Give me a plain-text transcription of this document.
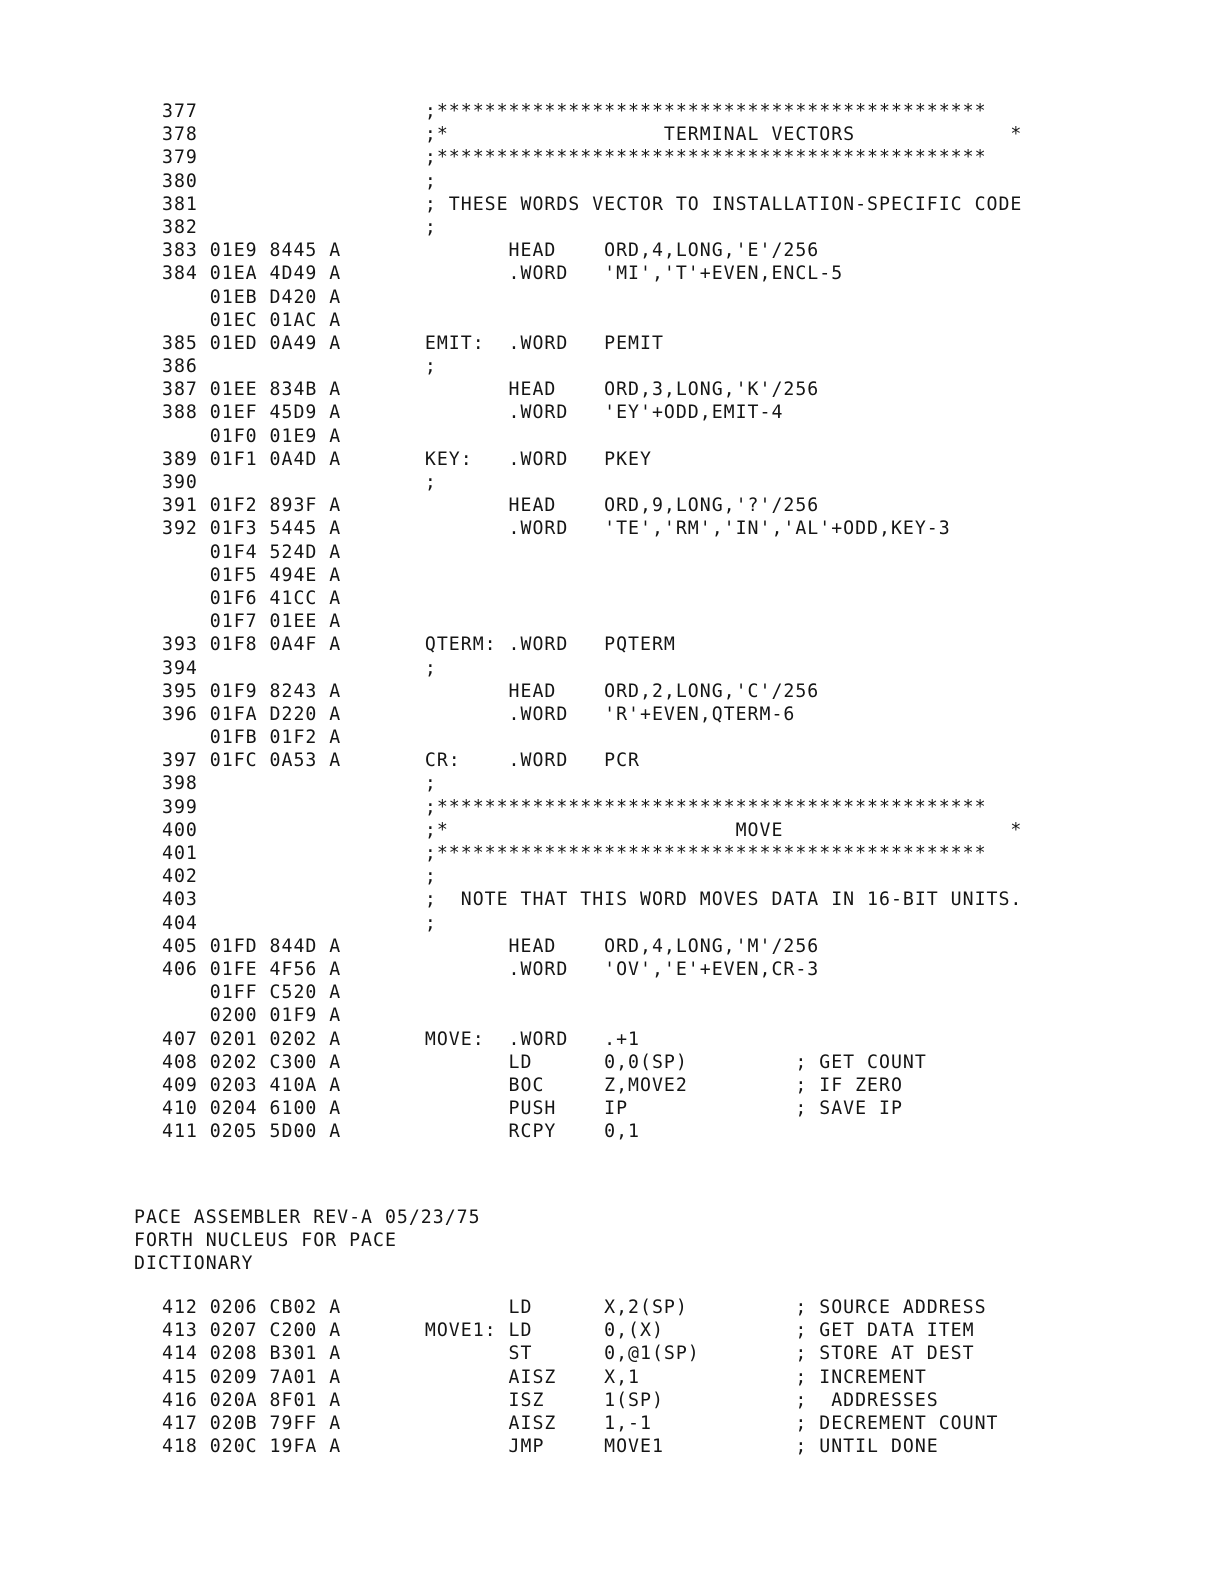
377                   ;**********************************************
378                   ;*                  TERMINAL VECTORS             *
379                   ;**********************************************
380                   ;
381                   ; THESE WORDS VECTOR TO INSTALLATION-SPECIFIC CODE
382                   ;
383 01E9 8445 A              HEAD    ORD,4,LONG,'E'/256
384 01EA 4D49 A              .WORD   'MI','T'+EVEN,ENCL-5
01EB D420 A
01EC 01AC A
385 01ED 0A49 A       EMIT:  .WORD   PEMIT
386                   ;
387 01EE 834B A              HEAD    ORD,3,LONG,'K'/256
388 01EF 45D9 A              .WORD   'EY'+ODD,EMIT-4
01F0 01E9 A
389 01F1 0A4D A       KEY:   .WORD   PKEY
390                   ;
391 01F2 893F A              HEAD    ORD,9,LONG,'?'/256
392 01F3 5445 A              .WORD   'TE','RM','IN','AL'+ODD,KEY-3
01F4 524D A
01F5 494E A
01F6 41CC A
01F7 01EE A
393 01F8 0A4F A       QTERM: .WORD   PQTERM
394                   ;
395 01F9 8243 A              HEAD    ORD,2,LONG,'C'/256
396 01FA D220 A              .WORD   'R'+EVEN,QTERM-6
01FB 01F2 A
397 01FC 0A53 A       CR:    .WORD   PCR
398                   ;
399                   ;**********************************************
400                   ;*                        MOVE                   *
401                   ;**********************************************
402                   ;
403                   ;  NOTE THAT THIS WORD MOVES DATA IN 16-BIT UNITS.
404                   ;
405 01FD 844D A              HEAD    ORD,4,LONG,'M'/256
406 01FE 4F56 A              .WORD   'OV','E'+EVEN,CR-3
01FF C520 A
0200 01F9 A
407 0201 0202 A       MOVE:  .WORD   .+1
408 0202 C300 A              LD      0,0(SP)         ; GET COUNT
409 0203 410A A              BOC     Z,MOVE2         ; IF ZERO
410 0204 6100 A              PUSH    IP              ; SAVE IP
411 0205 5D00 A              RCPY    0,1
PACE ASSEMBLER REV-A 05/23/75
FORTH NUCLEUS FOR PACE
DICTIONARY
412 0206 CB02 A              LD      X,2(SP)         ; SOURCE ADDRESS
413 0207 C200 A       MOVE1: LD      0,(X)           ; GET DATA ITEM
414 0208 B301 A              ST      0,@1(SP)        ; STORE AT DEST
415 0209 7A01 A              AISZ    X,1             ; INCREMENT
416 020A 8F01 A              ISZ     1(SP)           ;  ADDRESSES
417 020B 79FF A              AISZ    1,-1            ; DECREMENT COUNT
418 020C 19FA A              JMP     MOVE1           ; UNTIL DONE
